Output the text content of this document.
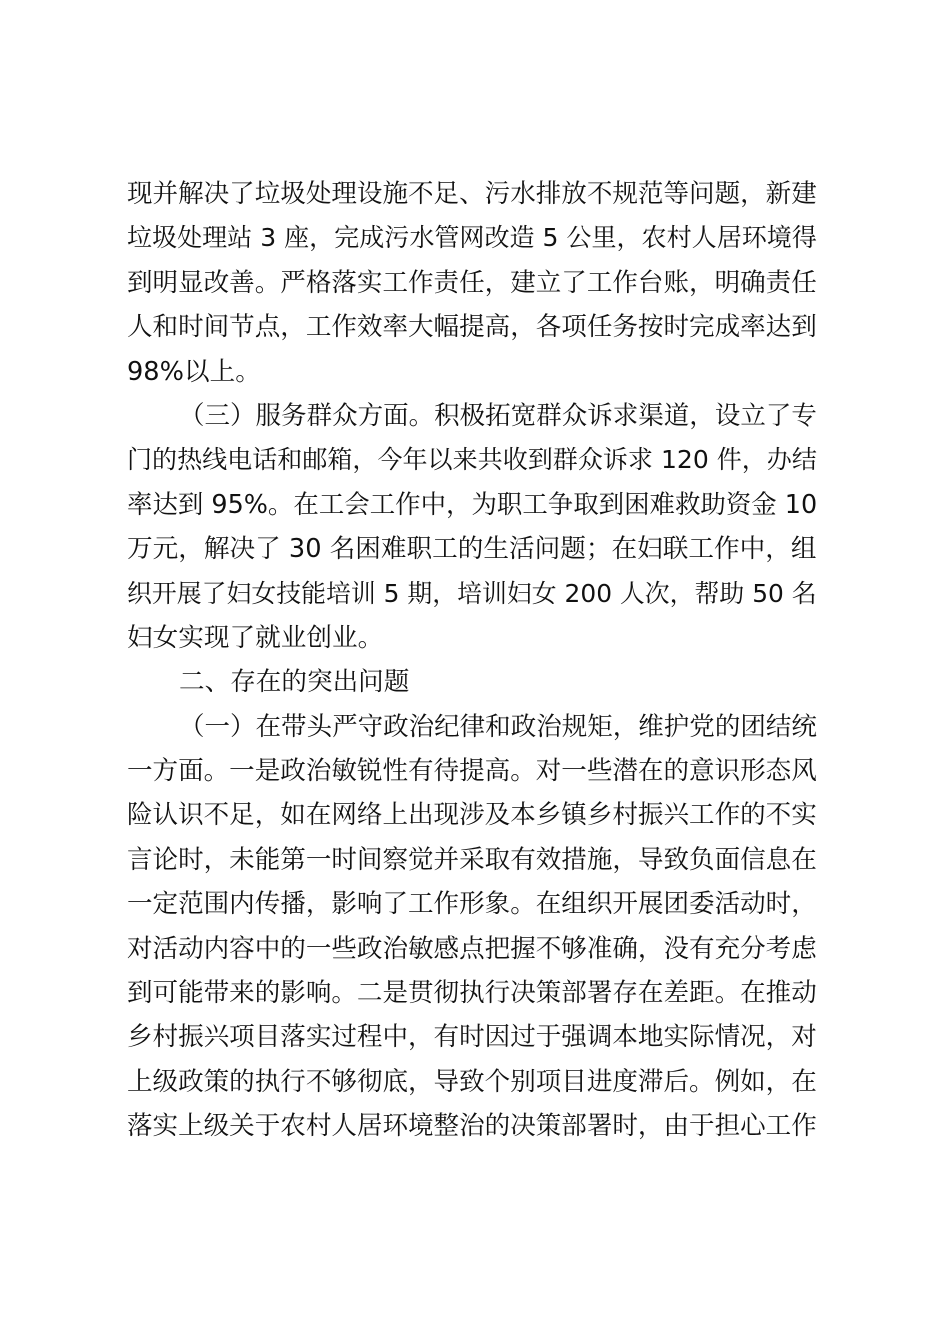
现并解决了垃圾处理设施不足、污水排放不规范等问题，新建
垃圾处理站 3 座，完成污水管网改造 5 公里，农村人居环境得
到明显改善。严格落实工作责任，建立了工作台账，明确责任
人和时间节点，工作效率大幅提高，各项任务按时完成率达到
98%以上。
（三）服务群众方面。积极拓宽群众诉求渠道，设立了专
门的热线电话和邮箱，今年以来共收到群众诉求 120 件，办结
率达到 95%。在工会工作中，为职工争取到困难救助资金 10
万元，解决了 30 名困难职工的生活问题；在妇联工作中，组
织开展了妇女技能培训 5 期，培训妇女 200 人次，帮助 50 名
妇女实现了就业创业。
二、存在的突出问题
（一）在带头严守政治纪律和政治规矩，维护党的团结统
一方面。一是政治敏锐性有待提高。对一些潜在的意识形态风
险认识不足，如在网络上出现涉及本乡镇乡村振兴工作的不实
言论时，未能第一时间察觉并采取有效措施，导致负面信息在
一定范围内传播，影响了工作形象。在组织开展团委活动时，
对活动内容中的一些政治敏感点把握不够准确，没有充分考虑
到可能带来的影响。二是贯彻执行决策部署存在差距。在推动
乡村振兴项目落实过程中，有时因过于强调本地实际情况，对
上级政策的执行不够彻底，导致个别项目进度滞后。例如，在
落实上级关于农村人居环境整治的决策部署时，由于担心工作
